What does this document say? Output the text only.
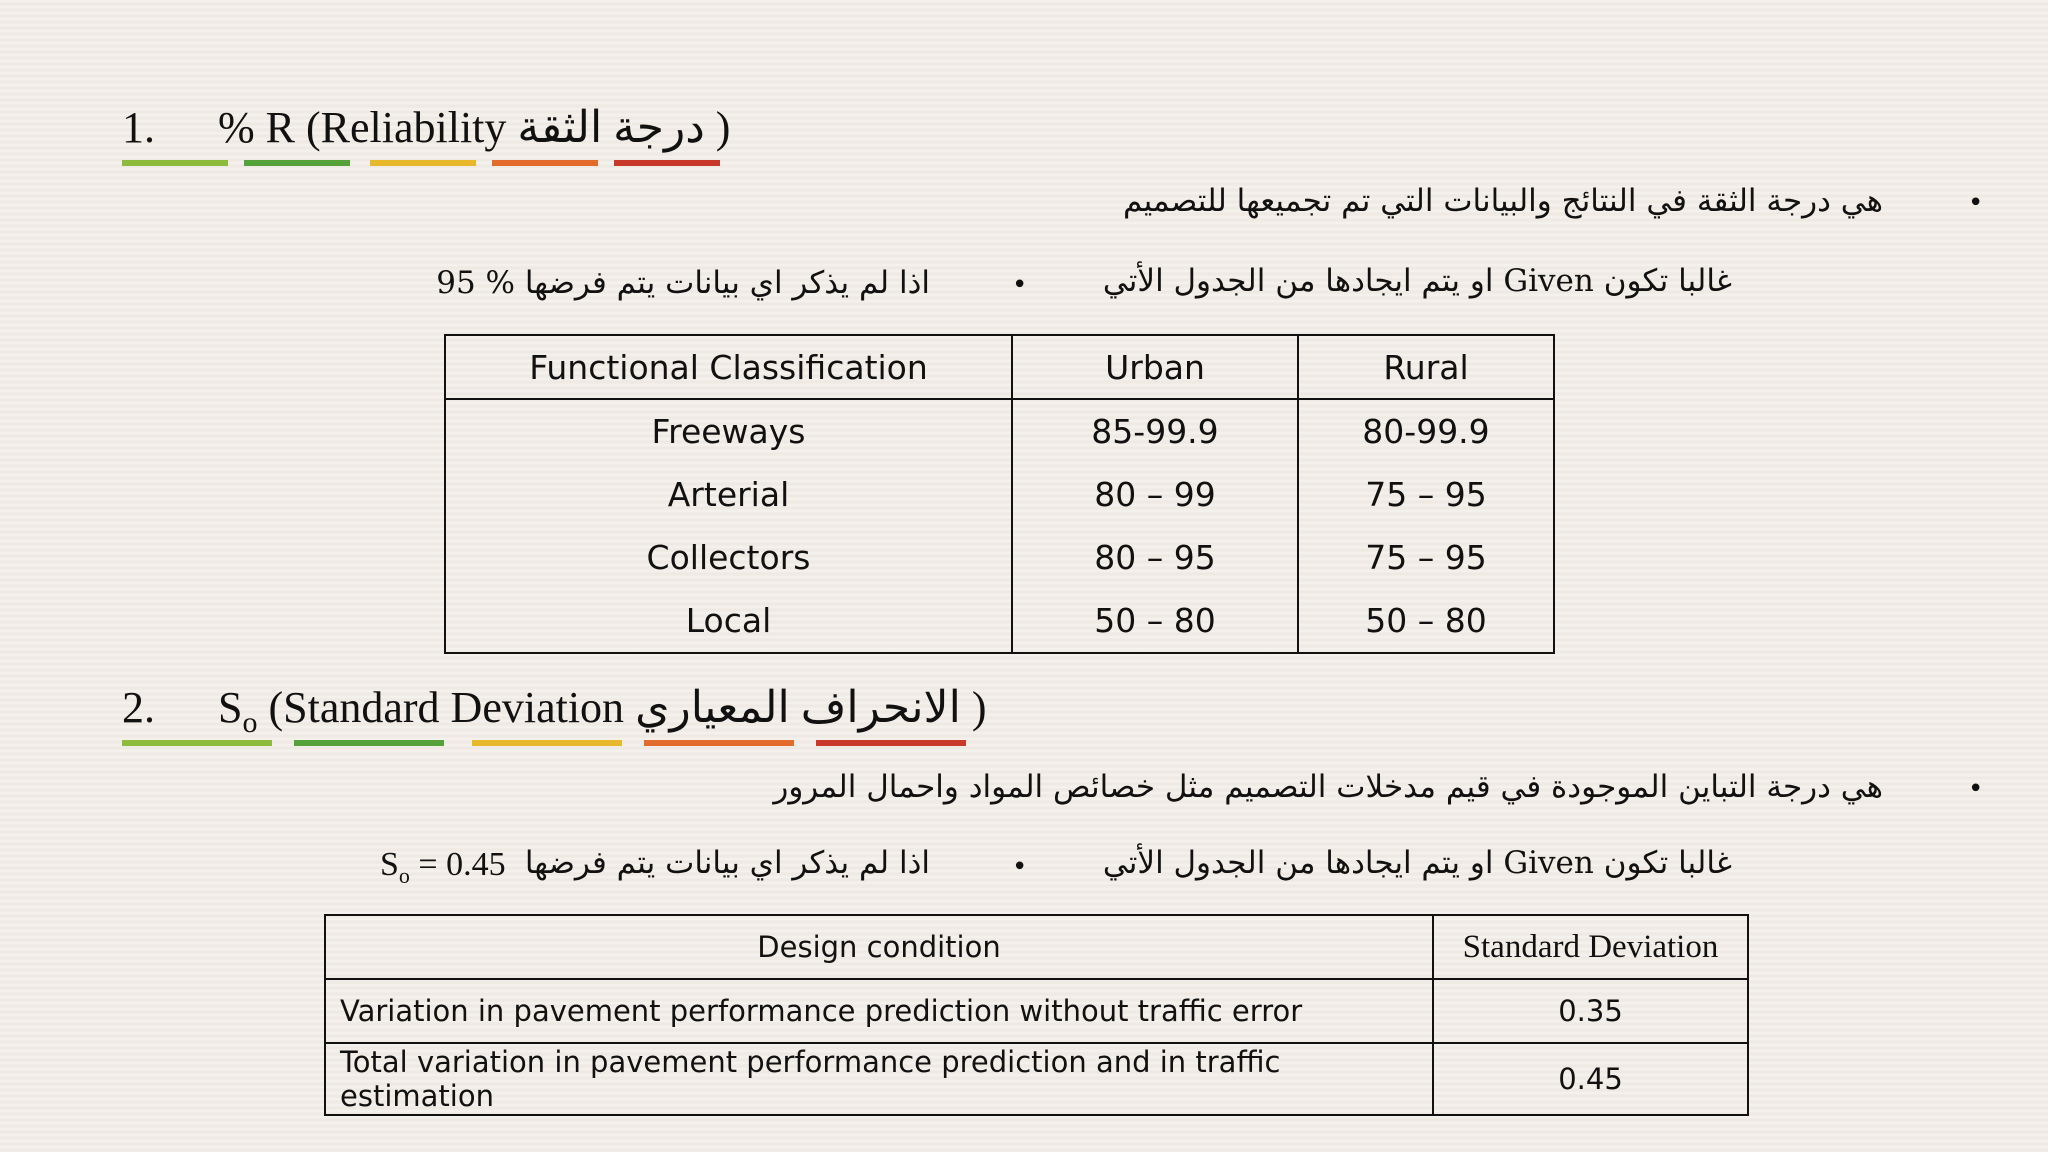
1. % R (Reliability درجة الثقة )
•
هي درجة الثقة في النتائج والبيانات التي تم تجميعها للتصميم
غالبا تكون Given او يتم ايجادها من الجدول الأتي
•
اذا لم يذكر اي بيانات يتم فرضها % 95
Functional Classification	Urban	Rural
Freeways	85-99.9	80-99.9
Arterial	80 – 99	75 – 95
Collectors	80 – 95	75 – 95
Local	50 – 80	50 – 80
2. $S_o$ (Standard Deviation الانحراف المعياري )
•
هي درجة التباين الموجودة في قيم مدخلات التصميم مثل خصائص المواد واحمال المرور
غالبا تكون Given او يتم ايجادها من الجدول الأتي
•
اذا لم يذكر اي بيانات يتم فرضها
$S_o = 0.45$
Design condition	Standard Deviation
Variation in pavement performance prediction without traffic error	0.35
Total variation in pavement performance prediction and in traffic estimation	0.45
